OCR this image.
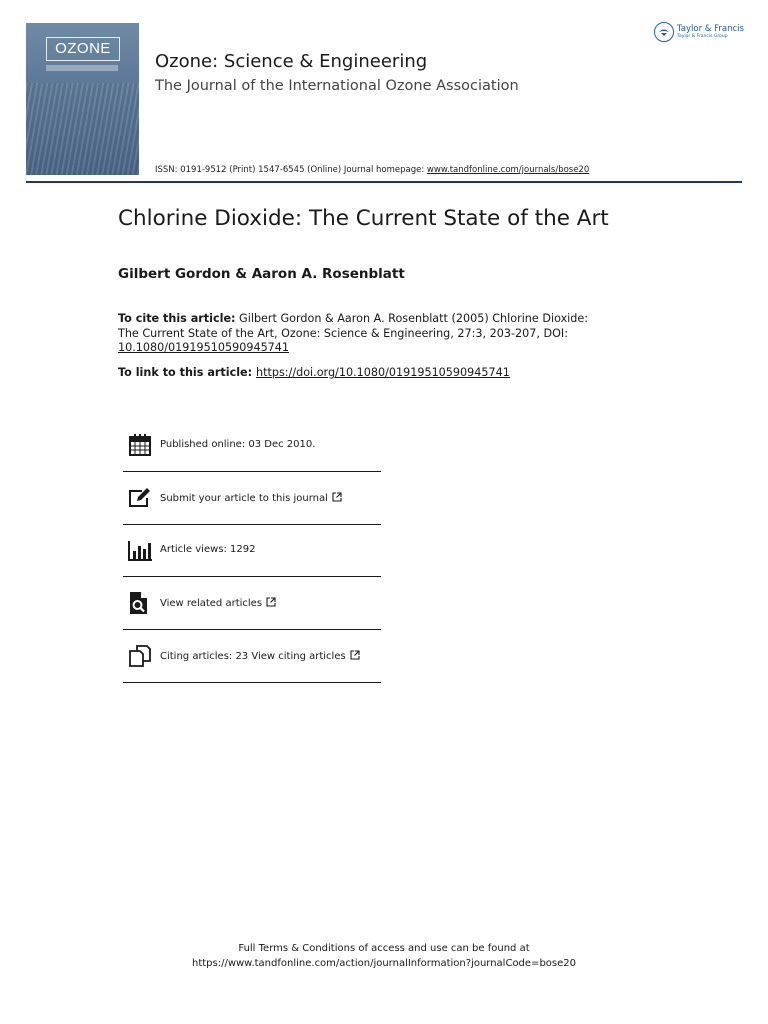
OZONE
Ozone: Science & Engineering
The Journal of the International Ozone Association
ISSN: 0191-9512 (Print) 1547-6545 (Online) Journal homepage: www.tandfonline.com/journals/bose20
Taylor & Francis
Taylor & Francis Group
Chlorine Dioxide: The Current State of the Art
Gilbert Gordon & Aaron A. Rosenblatt
To cite this article: Gilbert Gordon & Aaron A. Rosenblatt (2005) Chlorine Dioxide: The Current State of the Art, Ozone: Science & Engineering, 27:3, 203-207, DOI: 10.1080/01919510590945741
To link to this article: https://doi.org/10.1080/01919510590945741
Published online: 03 Dec 2010.
Submit your article to this journal
Article views: 1292
View related articles
Citing articles: 23 View citing articles
Full Terms & Conditions of access and use can be found at
https://www.tandfonline.com/action/journalInformation?journalCode=bose20
